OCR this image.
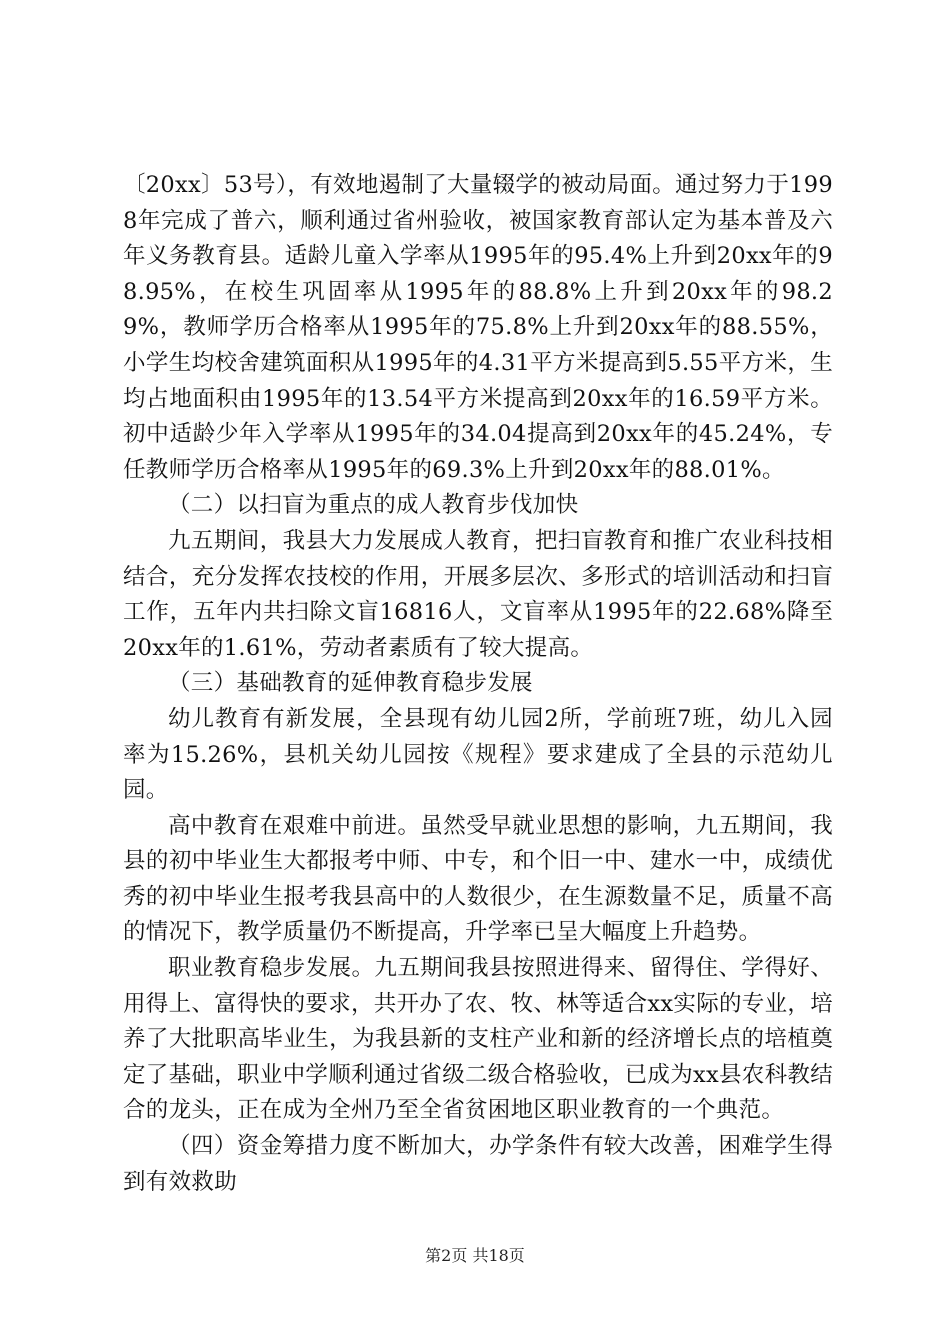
〔20xx〕53号），有效地遏制了大量辍学的被动局面。通过努力于1998年完成了普六，顺利通过省州验收，被国家教育部认定为基本普及六年义务教育县。适龄儿童入学率从1995年的95.4%上升到20xx年的98.95%，在校生巩固率从1995年的88.8%上升到20xx年的98.29%，教师学历合格率从1995年的75.8%上升到20xx年的88.55%，小学生均校舍建筑面积从1995年的4.31平方米提高到5.55平方米，生均占地面积由1995年的13.54平方米提高到20xx年的16.59平方米。初中适龄少年入学率从1995年的34.04提高到20xx年的45.24%，专任教师学历合格率从1995年的69.3%上升到20xx年的88.01%。

（二）以扫盲为重点的成人教育步伐加快

九五期间，我县大力发展成人教育，把扫盲教育和推广农业科技相结合，充分发挥农技校的作用，开展多层次、多形式的培训活动和扫盲工作，五年内共扫除文盲16816人，文盲率从1995年的22.68%降至20xx年的1.61%，劳动者素质有了较大提高。

（三）基础教育的延伸教育稳步发展

幼儿教育有新发展，全县现有幼儿园2所，学前班7班，幼儿入园率为15.26%，县机关幼儿园按《规程》要求建成了全县的示范幼儿园。

高中教育在艰难中前进。虽然受早就业思想的影响，九五期间，我县的初中毕业生大都报考中师、中专，和个旧一中、建水一中，成绩优秀的初中毕业生报考我县高中的人数很少，在生源数量不足，质量不高的情况下，教学质量仍不断提高，升学率已呈大幅度上升趋势。

职业教育稳步发展。九五期间我县按照进得来、留得住、学得好、用得上、富得快的要求，共开办了农、牧、林等适合xx实际的专业，培养了大批职高毕业生，为我县新的支柱产业和新的经济增长点的培植奠定了基础，职业中学顺利通过省级二级合格验收，已成为xx县农科教结合的龙头，正在成为全州乃至全省贫困地区职业教育的一个典范。

（四）资金筹措力度不断加大，办学条件有较大改善，困难学生得到有效救助

第2页 共18页
